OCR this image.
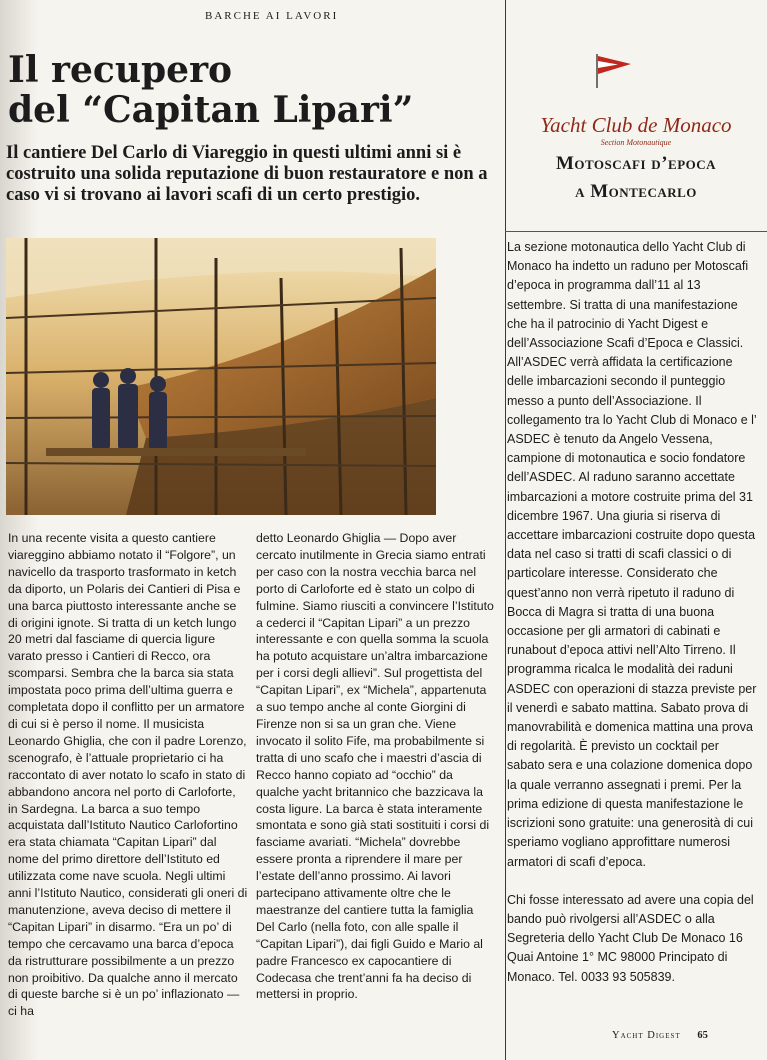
BARCHE AI LAVORI
Il recupero
del “Capitan Lipari”

Il cantiere Del Carlo di Viareggio in questi ultimi anni si è costruito una solida reputazione di buon restauratore e non a caso vi si trovano ai lavori scafi di un certo prestigio.

In una recente visita a questo cantiere viareggino abbiamo notato il “Folgore”, un navicello da trasporto trasformato in ketch da diporto, un Polaris dei Cantieri di Pisa e una barca piuttosto interessante anche se di origini ignote. Si tratta di un ketch lungo 20 metri dal fasciame di quercia ligure varato presso i Cantieri di Recco, ora scomparsi. Sembra che la barca sia stata impostata poco prima dell’ultima guerra e completata dopo il conflitto per un armatore di cui si è perso il nome. Il musicista Leonardo Ghiglia, che con il padre Lorenzo, scenografo, è l’attuale proprietario ci ha raccontato di aver notato lo scafo in stato di abbandono ancora nel porto di Carloforte, in Sardegna. La barca a suo tempo acquistata dall’Istituto Nautico Carlofortino era stata chiamata “Capitan Lipari” dal nome del primo direttore dell’Istituto ed utilizzata come nave scuola. Negli ultimi anni l’Istituto Nautico, considerati gli oneri di manutenzione, aveva deciso di mettere il “Capitan Lipari” in disarmo. “Era un po’ di tempo che cercavamo una barca d’epoca da ristrutturare possibilmente a un prezzo non proibitivo. Da qualche anno il mercato di queste barche si è un po’ inflazionato — ci ha

detto Leonardo Ghiglia — Dopo aver cercato inutilmente in Grecia siamo entrati per caso con la nostra vecchia barca nel porto di Carloforte ed è stato un colpo di fulmine. Siamo riusciti a convincere l’Istituto a cederci il “Capitan Lipari” a un prezzo interessante e con quella somma la scuola ha potuto acquistare un’altra imbarcazione per i corsi degli allievi”. Sul progettista del “Capitan Lipari”, ex “Michela”, appartenuta a suo tempo anche al conte Giorgini di Firenze non si sa un gran che. Viene invocato il solito Fife, ma probabilmente si tratta di uno scafo che i maestri d’ascia di Recco hanno copiato ad “occhio” da qualche yacht britannico che bazzicava la costa ligure. La barca è stata interamente smontata e sono già stati sostituiti i corsi di fasciame avariati. “Michela” dovrebbe essere pronta a riprendere il mare per l’estate dell’anno prossimo. Ai lavori partecipano attivamente oltre che le maestranze del cantiere tutta la famiglia Del Carlo (nella foto, con alle spalle il “Capitan Lipari”), dai figli Guido e Mario al padre Francesco ex capocantiere di Codecasa che trent’anni fa ha deciso di mettersi in proprio.

Yacht Club de Monaco
Section Motonautique
Motoscafi d’epoca
a Montecarlo

La sezione motonautica dello Yacht Club di Monaco ha indetto un raduno per Motoscafi d’epoca in programma dall’11 al 13 settembre. Si tratta di una manifestazione che ha il patrocinio di Yacht Digest e dell’Associazione Scafi d’Epoca e Classici. All’ASDEC verrà affidata la certificazione delle imbarcazioni secondo il punteggio messo a punto dell’Associazione. Il collegamento tra lo Yacht Club di Monaco e l’ ASDEC è tenuto da Angelo Vessena, campione di motonautica e socio fondatore dell’ASDEC. Al raduno saranno accettate imbarcazioni a motore costruite prima del 31 dicembre 1967. Una giuria si riserva di accettare imbarcazioni costruite dopo questa data nel caso si tratti di scafi classici o di particolare interesse. Considerato che quest’anno non verrà ripetuto il raduno di Bocca di Magra si tratta di una buona occasione per gli armatori di cabinati e runabout d’epoca attivi nell’Alto Tirreno. Il programma ricalca le modalità dei raduni ASDEC con operazioni di stazza previste per il venerdì e sabato mattina. Sabato prova di manovrabilità e domenica mattina una prova di regolarità. È previsto un cocktail per sabato sera e una colazione domenica dopo la quale verranno assegnati i premi. Per la prima edizione di questa manifestazione le iscrizioni sono gratuite: una generosità di cui speriamo vogliano approfittare numerosi armatori di scafi d’epoca.

Chi fosse interessato ad avere una copia del bando può rivolgersi all’ASDEC o alla Segreteria dello Yacht Club De Monaco 16 Quai Antoine 1° MC 98000 Principato di Monaco. Tel. 0033 93 505839.

Yacht Digest 65
